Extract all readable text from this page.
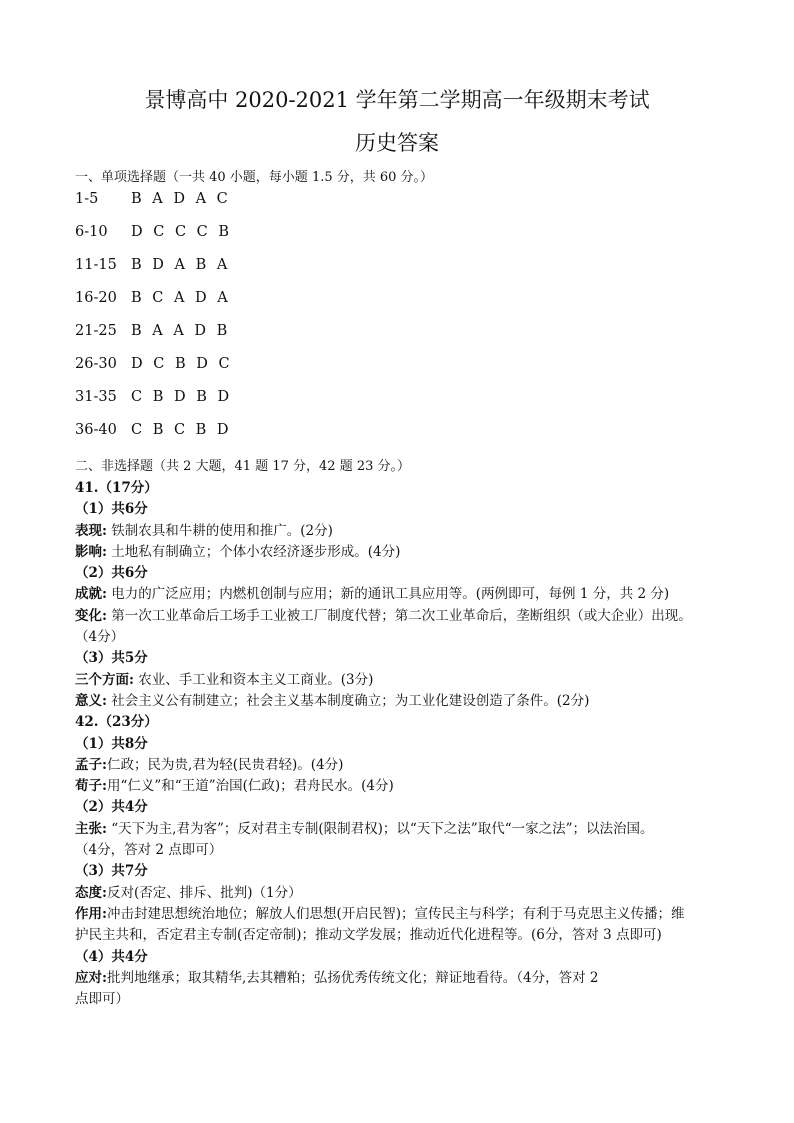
景博高中 2020-2021 学年第二学期高一年级期末考试
历史答案
一、单项选择题（一共 40 小题，每小题 1.5 分，共 60 分。）
1-5 B A D A C
6-10 D C C C B
11-15 B D A B A
16-20 B C A D A
21-25 B A A D B
26-30 D C B D C
31-35 C B D B D
36-40 C B C B D
二、非选择题（共 2 大题，41 题 17 分，42 题 23 分。）
41.（17分）
（1）共6分
表现: 铁制农具和牛耕的使用和推广。(2分)
影响: 土地私有制确立；个体小农经济逐步形成。(4分)
（2）共6分
成就: 电力的广泛应用；内燃机创制与应用；新的通讯工具应用等。(两例即可，每例 1 分，共 2 分)
变化: 第一次工业革命后工场手工业被工厂制度代替；第二次工业革命后，垄断组织（或大企业）出现。
（4分）
（3）共5分
三个方面: 农业、手工业和资本主义工商业。(3分)
意义: 社会主义公有制建立；社会主义基本制度确立；为工业化建设创造了条件。(2分)
42.（23分）
（1）共8分
孟子:仁政；民为贵,君为轻(民贵君轻)。(4分)
荀子:用“仁义”和“王道”治国(仁政)；君舟民水。(4分)
（2）共4分
主张: “天下为主,君为客”；反对君主专制(限制君权)；以“天下之法”取代“一家之法”；以法治国。
（4分，答对 2 点即可）
（3）共7分
态度:反对(否定、排斥、批判)（1分）
作用:冲击封建思想统治地位；解放人们思想(开启民智)；宣传民主与科学；有利于马克思主义传播；维
护民主共和，否定君主专制(否定帝制)；推动文学发展；推动近代化进程等。(6分，答对 3 点即可)
（4）共4分
应对:批判地继承；取其精华,去其糟粕；弘扬优秀传统文化；辩证地看待。（4分，答对 2
点即可）
